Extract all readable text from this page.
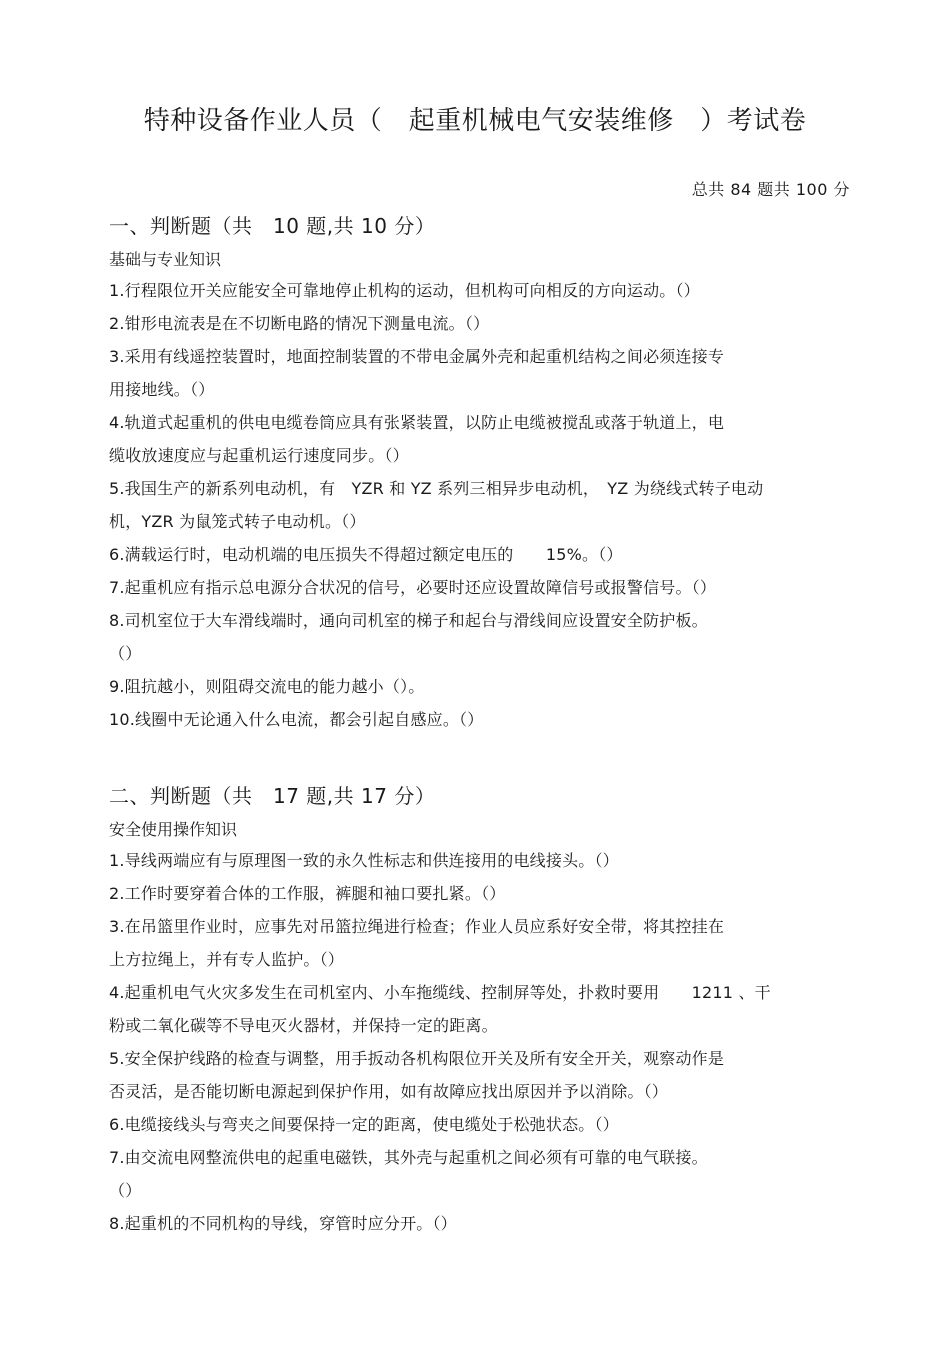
特种设备作业人员（　起重机械电气安装维修　）考试卷
总共 84 题共 100 分
一、判断题（共　10 题,共 10 分）
基础与专业知识

1.行程限位开关应能安全可靠地停止机构的运动，但机构可向相反的方向运动。（）

2.钳形电流表是在不切断电路的情况下测量电流。（）

3.采用有线遥控装置时，地面控制装置的不带电金属外壳和起重机结构之间必须连接专

用接地线。（）

4.轨道式起重机的供电电缆卷筒应具有张紧装置，以防止电缆被搅乱或落于轨道上，电

缆收放速度应与起重机运行速度同步。（）

5.我国生产的新系列电动机，有　YZR 和 YZ 系列三相异步电动机，　YZ 为绕线式转子电动

机，YZR 为鼠笼式转子电动机。（）

6.满载运行时，电动机端的电压损失不得超过额定电压的　　15%。（）

7.起重机应有指示总电源分合状况的信号，必要时还应设置故障信号或报警信号。（）

8.司机室位于大车滑线端时，通向司机室的梯子和起台与滑线间应设置安全防护板。

（）

9.阻抗越小，则阻碍交流电的能力越小（）。

10.线圈中无论通入什么电流，都会引起自感应。（）

二、判断题（共　17 题,共 17 分）
安全使用操作知识

1.导线两端应有与原理图一致的永久性标志和供连接用的电线接头。（）

2.工作时要穿着合体的工作服，裤腿和袖口要扎紧。（）

3.在吊篮里作业时，应事先对吊篮拉绳进行检查；作业人员应系好安全带，将其控挂在

上方拉绳上，并有专人监护。（）

4.起重机电气火灾多发生在司机室内、小车拖缆线、控制屏等处，扑救时要用　　1211 、干

粉或二氧化碳等不导电灭火器材，并保持一定的距离。

5.安全保护线路的检查与调整，用手扳动各机构限位开关及所有安全开关，观察动作是

否灵活，是否能切断电源起到保护作用，如有故障应找出原因并予以消除。（）

6.电缆接线头与弯夹之间要保持一定的距离，使电缆处于松弛状态。（）

7.由交流电网整流供电的起重电磁铁，其外壳与起重机之间必须有可靠的电气联接。

（）

8.起重机的不同机构的导线，穿管时应分开。（）
